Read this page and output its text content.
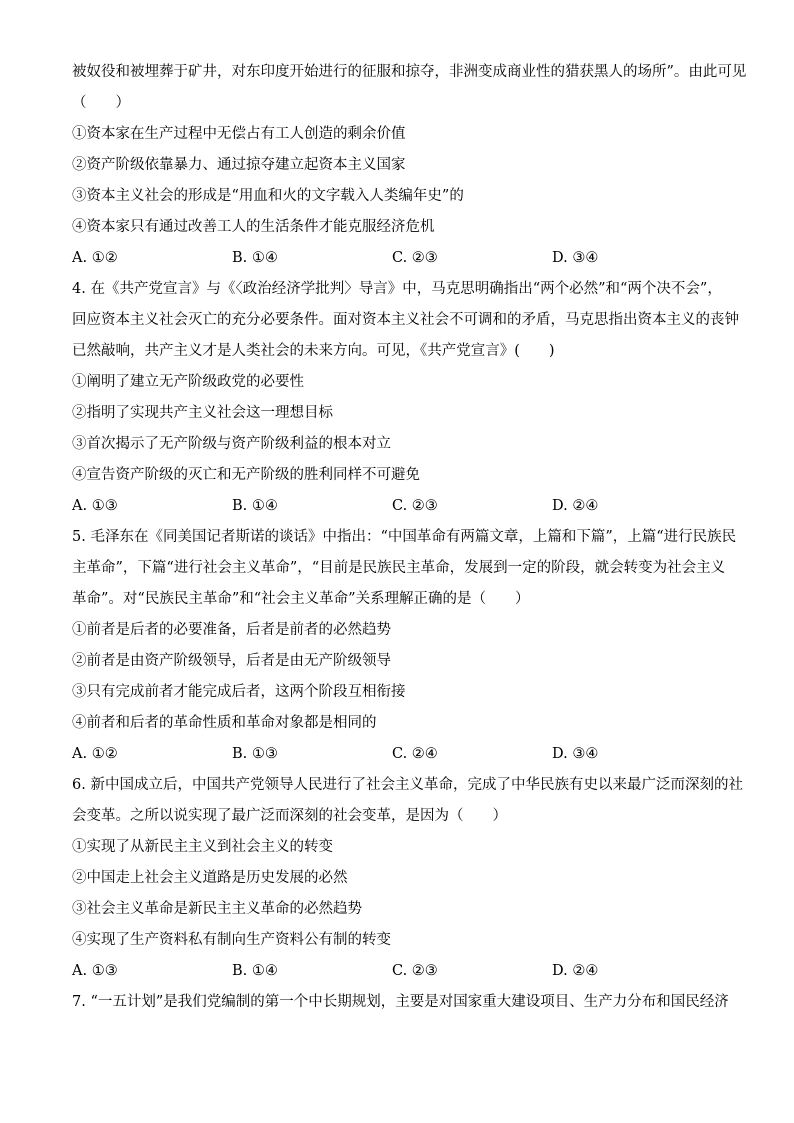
被奴役和被埋葬于矿井，对东印度开始进行的征服和掠夺，非洲变成商业性的猎获黑人的场所”。由此可见
（　　）
①资本家在生产过程中无偿占有工人创造的剩余价值
②资产阶级依靠暴力、通过掠夺建立起资本主义国家
③资本主义社会的形成是“用血和火的文字载入人类编年史”的
④资本家只有通过改善工人的生活条件才能克服经济危机
A. ①②	B. ①④	C. ②③	D. ③④
4. 在《共产党宣言》与《〈政治经济学批判〉导言》中，马克思明确指出“两个必然”和“两个决不会”，
回应资本主义社会灭亡的充分必要条件。面对资本主义社会不可调和的矛盾，马克思指出资本主义的丧钟
已然敲响，共产主义才是人类社会的未来方向。可见，《共产党宣言》(　　)
①阐明了建立无产阶级政党的必要性
②指明了实现共产主义社会这一理想目标
③首次揭示了无产阶级与资产阶级利益的根本对立
④宣告资产阶级的灭亡和无产阶级的胜利同样不可避免
A. ①③	B. ①④	C. ②③	D. ②④
5. 毛泽东在《同美国记者斯诺的谈话》中指出：“中国革命有两篇文章，上篇和下篇”，上篇“进行民族民
主革命”，下篇“进行社会主义革命”，“目前是民族民主革命，发展到一定的阶段，就会转变为社会主义
革命”。对“民族民主革命”和“社会主义革命”关系理解正确的是（　　）
①前者是后者的必要准备，后者是前者的必然趋势
②前者是由资产阶级领导，后者是由无产阶级领导
③只有完成前者才能完成后者，这两个阶段互相衔接
④前者和后者的革命性质和革命对象都是相同的
A. ①②	B. ①③	C. ②④	D. ③④
6. 新中国成立后，中国共产党领导人民进行了社会主义革命，完成了中华民族有史以来最广泛而深刻的社
会变革。之所以说实现了最广泛而深刻的社会变革，是因为（　　）
①实现了从新民主主义到社会主义的转变
②中国走上社会主义道路是历史发展的必然
③社会主义革命是新民主主义革命的必然趋势
④实现了生产资料私有制向生产资料公有制的转变
A. ①③	B. ①④	C. ②③	D. ②④
7. “一五计划”是我们党编制的第一个中长期规划，主要是对国家重大建设项目、生产力分布和国民经济
